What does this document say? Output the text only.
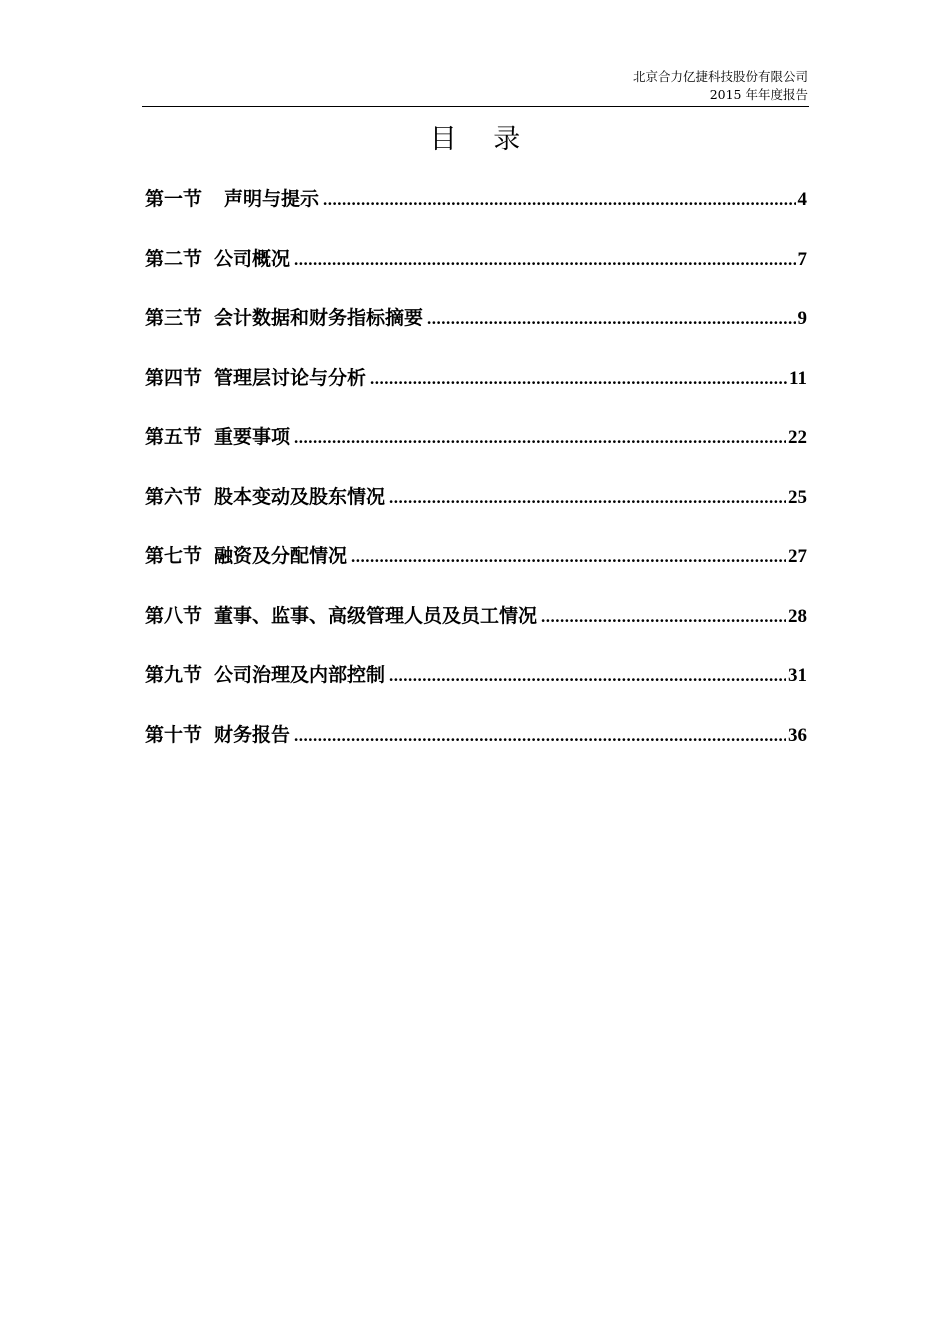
北京合力亿捷科技股份有限公司
2015 年年度报告
目 录
第一节 声明与提示 .....	4
第二节 公司概况 .....	7
第三节 会计数据和财务指标摘要 .....	9
第四节 管理层讨论与分析 .....	11
第五节 重要事项 .....	22
第六节 股本变动及股东情况 .....	25
第七节 融资及分配情况 .....	27
第八节 董事、监事、高级管理人员及员工情况 .....	28
第九节 公司治理及内部控制 .....	31
第十节 财务报告 .....	36
